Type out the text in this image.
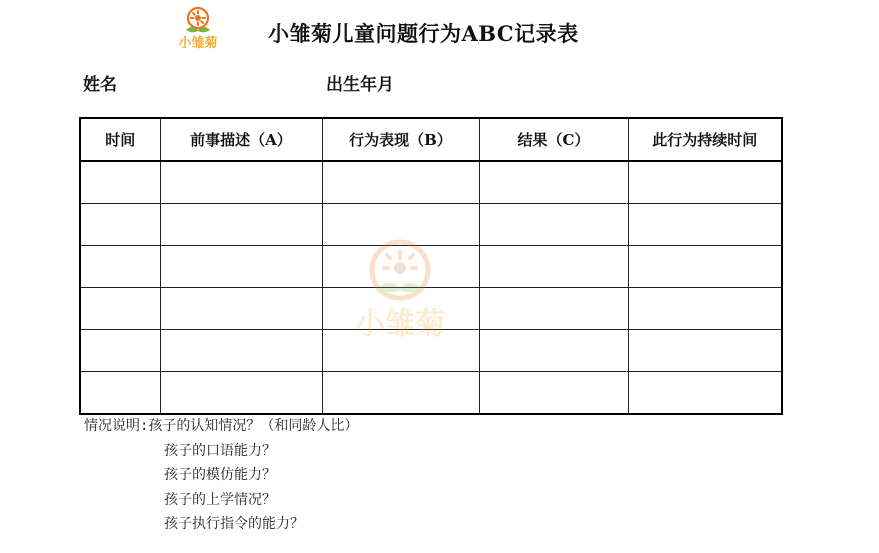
小雏菊 小雏菊儿童问题行为ABC记录表
姓名	出生年月
时间	前事描述（A）	行为表现（B）	结果（C）	此行为持续时间

小雏菊
情况说明:孩子的认知情况？（和同龄人比）
孩子的口语能力？
孩子的模仿能力？
孩子的上学情况？
孩子执行指令的能力？
